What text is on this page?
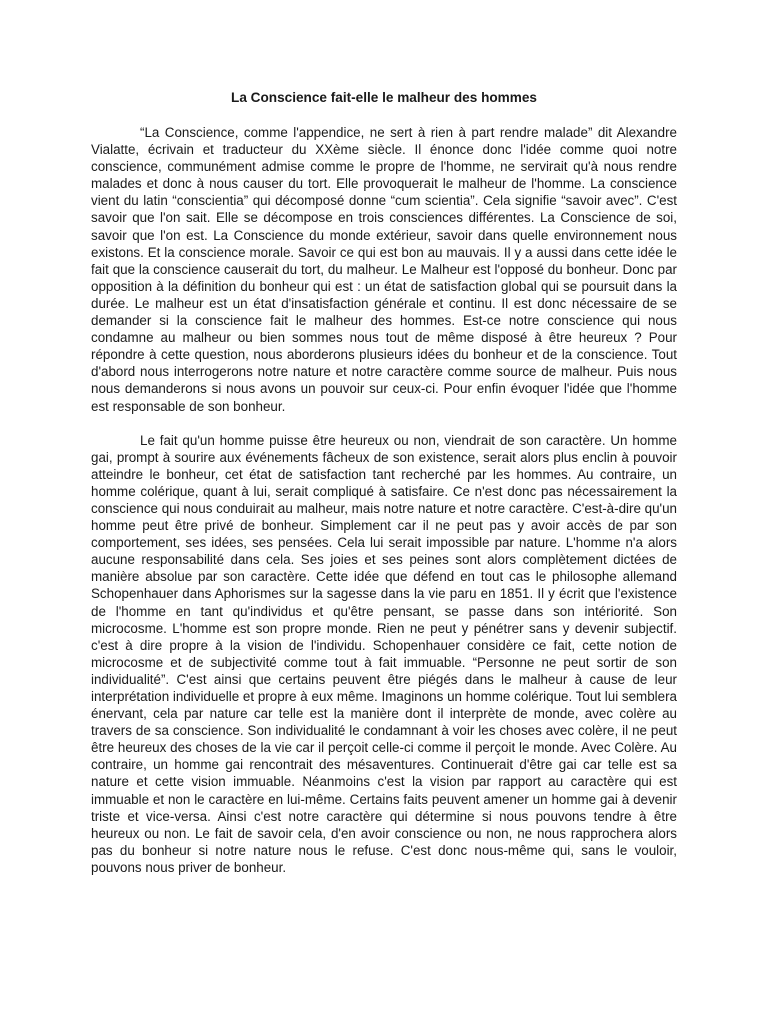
La Conscience fait-elle le malheur des hommes

“La Conscience, comme l'appendice, ne sert à rien à part rendre malade” dit Alexandre Vialatte, écrivain et traducteur du XXème siècle. Il énonce donc l'idée comme quoi notre conscience, communément admise comme le propre de l'homme, ne servirait qu'à nous rendre malades et donc à nous causer du tort. Elle provoquerait le malheur de l'homme. La conscience vient du latin “conscientia” qui décomposé donne “cum scientia”. Cela signifie “savoir avec”. C'est savoir que l'on sait. Elle se décompose en trois consciences différentes. La Conscience de soi, savoir que l'on est. La Conscience du monde extérieur, savoir dans quelle environnement nous existons. Et la conscience morale. Savoir ce qui est bon au mauvais. Il y a aussi dans cette idée le fait que la conscience causerait du tort, du malheur. Le Malheur est l'opposé du bonheur. Donc par opposition à la définition du bonheur qui est : un état de satisfaction global qui se poursuit dans la durée. Le malheur est un état d'insatisfaction générale et continu. Il est donc nécessaire de se demander si la conscience fait le malheur des hommes. Est-ce notre conscience qui nous condamne au malheur ou bien sommes nous tout de même disposé à être heureux ? Pour répondre à cette question, nous aborderons plusieurs idées du bonheur et de la conscience. Tout d'abord nous interrogerons notre nature et notre caractère comme source de malheur. Puis nous nous demanderons si nous avons un pouvoir sur ceux-ci. Pour enfin évoquer l'idée que l'homme est responsable de son bonheur.

Le fait qu'un homme puisse être heureux ou non, viendrait de son caractère. Un homme gai, prompt à sourire aux événements fâcheux de son existence, serait alors plus enclin à pouvoir atteindre le bonheur, cet état de satisfaction tant recherché par les hommes. Au contraire, un homme colérique, quant à lui, serait compliqué à satisfaire. Ce n'est donc pas nécessairement la conscience qui nous conduirait au malheur, mais notre nature et notre caractère. C'est-à-dire qu'un homme peut être privé de bonheur. Simplement car il ne peut pas y avoir accès de par son comportement, ses idées, ses pensées. Cela lui serait impossible par nature. L'homme n'a alors aucune responsabilité dans cela. Ses joies et ses peines sont alors complètement dictées de manière absolue par son caractère. Cette idée que défend en tout cas le philosophe allemand Schopenhauer dans Aphorismes sur la sagesse dans la vie paru en 1851. Il y écrit que l'existence de l'homme en tant qu'individus et qu'être pensant, se passe dans son intériorité. Son microcosme. L'homme est son propre monde. Rien ne peut y pénétrer sans y devenir subjectif. c'est à dire propre à la vision de l'individu. Schopenhauer considère ce fait, cette notion de microcosme et de subjectivité comme tout à fait immuable. “Personne ne peut sortir de son individualité”. C'est ainsi que certains peuvent être piégés dans le malheur à cause de leur interprétation individuelle et propre à eux même. Imaginons un homme colérique. Tout lui semblera énervant, cela par nature car telle est la manière dont il interprète de monde, avec colère au travers de sa conscience. Son individualité le condamnant à voir les choses avec colère, il ne peut être heureux des choses de la vie car il perçoit celle-ci comme il perçoit le monde. Avec Colère. Au contraire, un homme gai rencontrait des mésaventures. Continuerait d'être gai car telle est sa nature et cette vision immuable. Néanmoins c'est la vision par rapport au caractère qui est immuable et non le caractère en lui-même. Certains faits peuvent amener un homme gai à devenir triste et vice-versa. Ainsi c'est notre caractère qui détermine si nous pouvons tendre à être heureux ou non. Le fait de savoir cela, d'en avoir conscience ou non, ne nous rapprochera alors pas du bonheur si notre nature nous le refuse. C'est donc nous-même qui, sans le vouloir, pouvons nous priver de bonheur.
